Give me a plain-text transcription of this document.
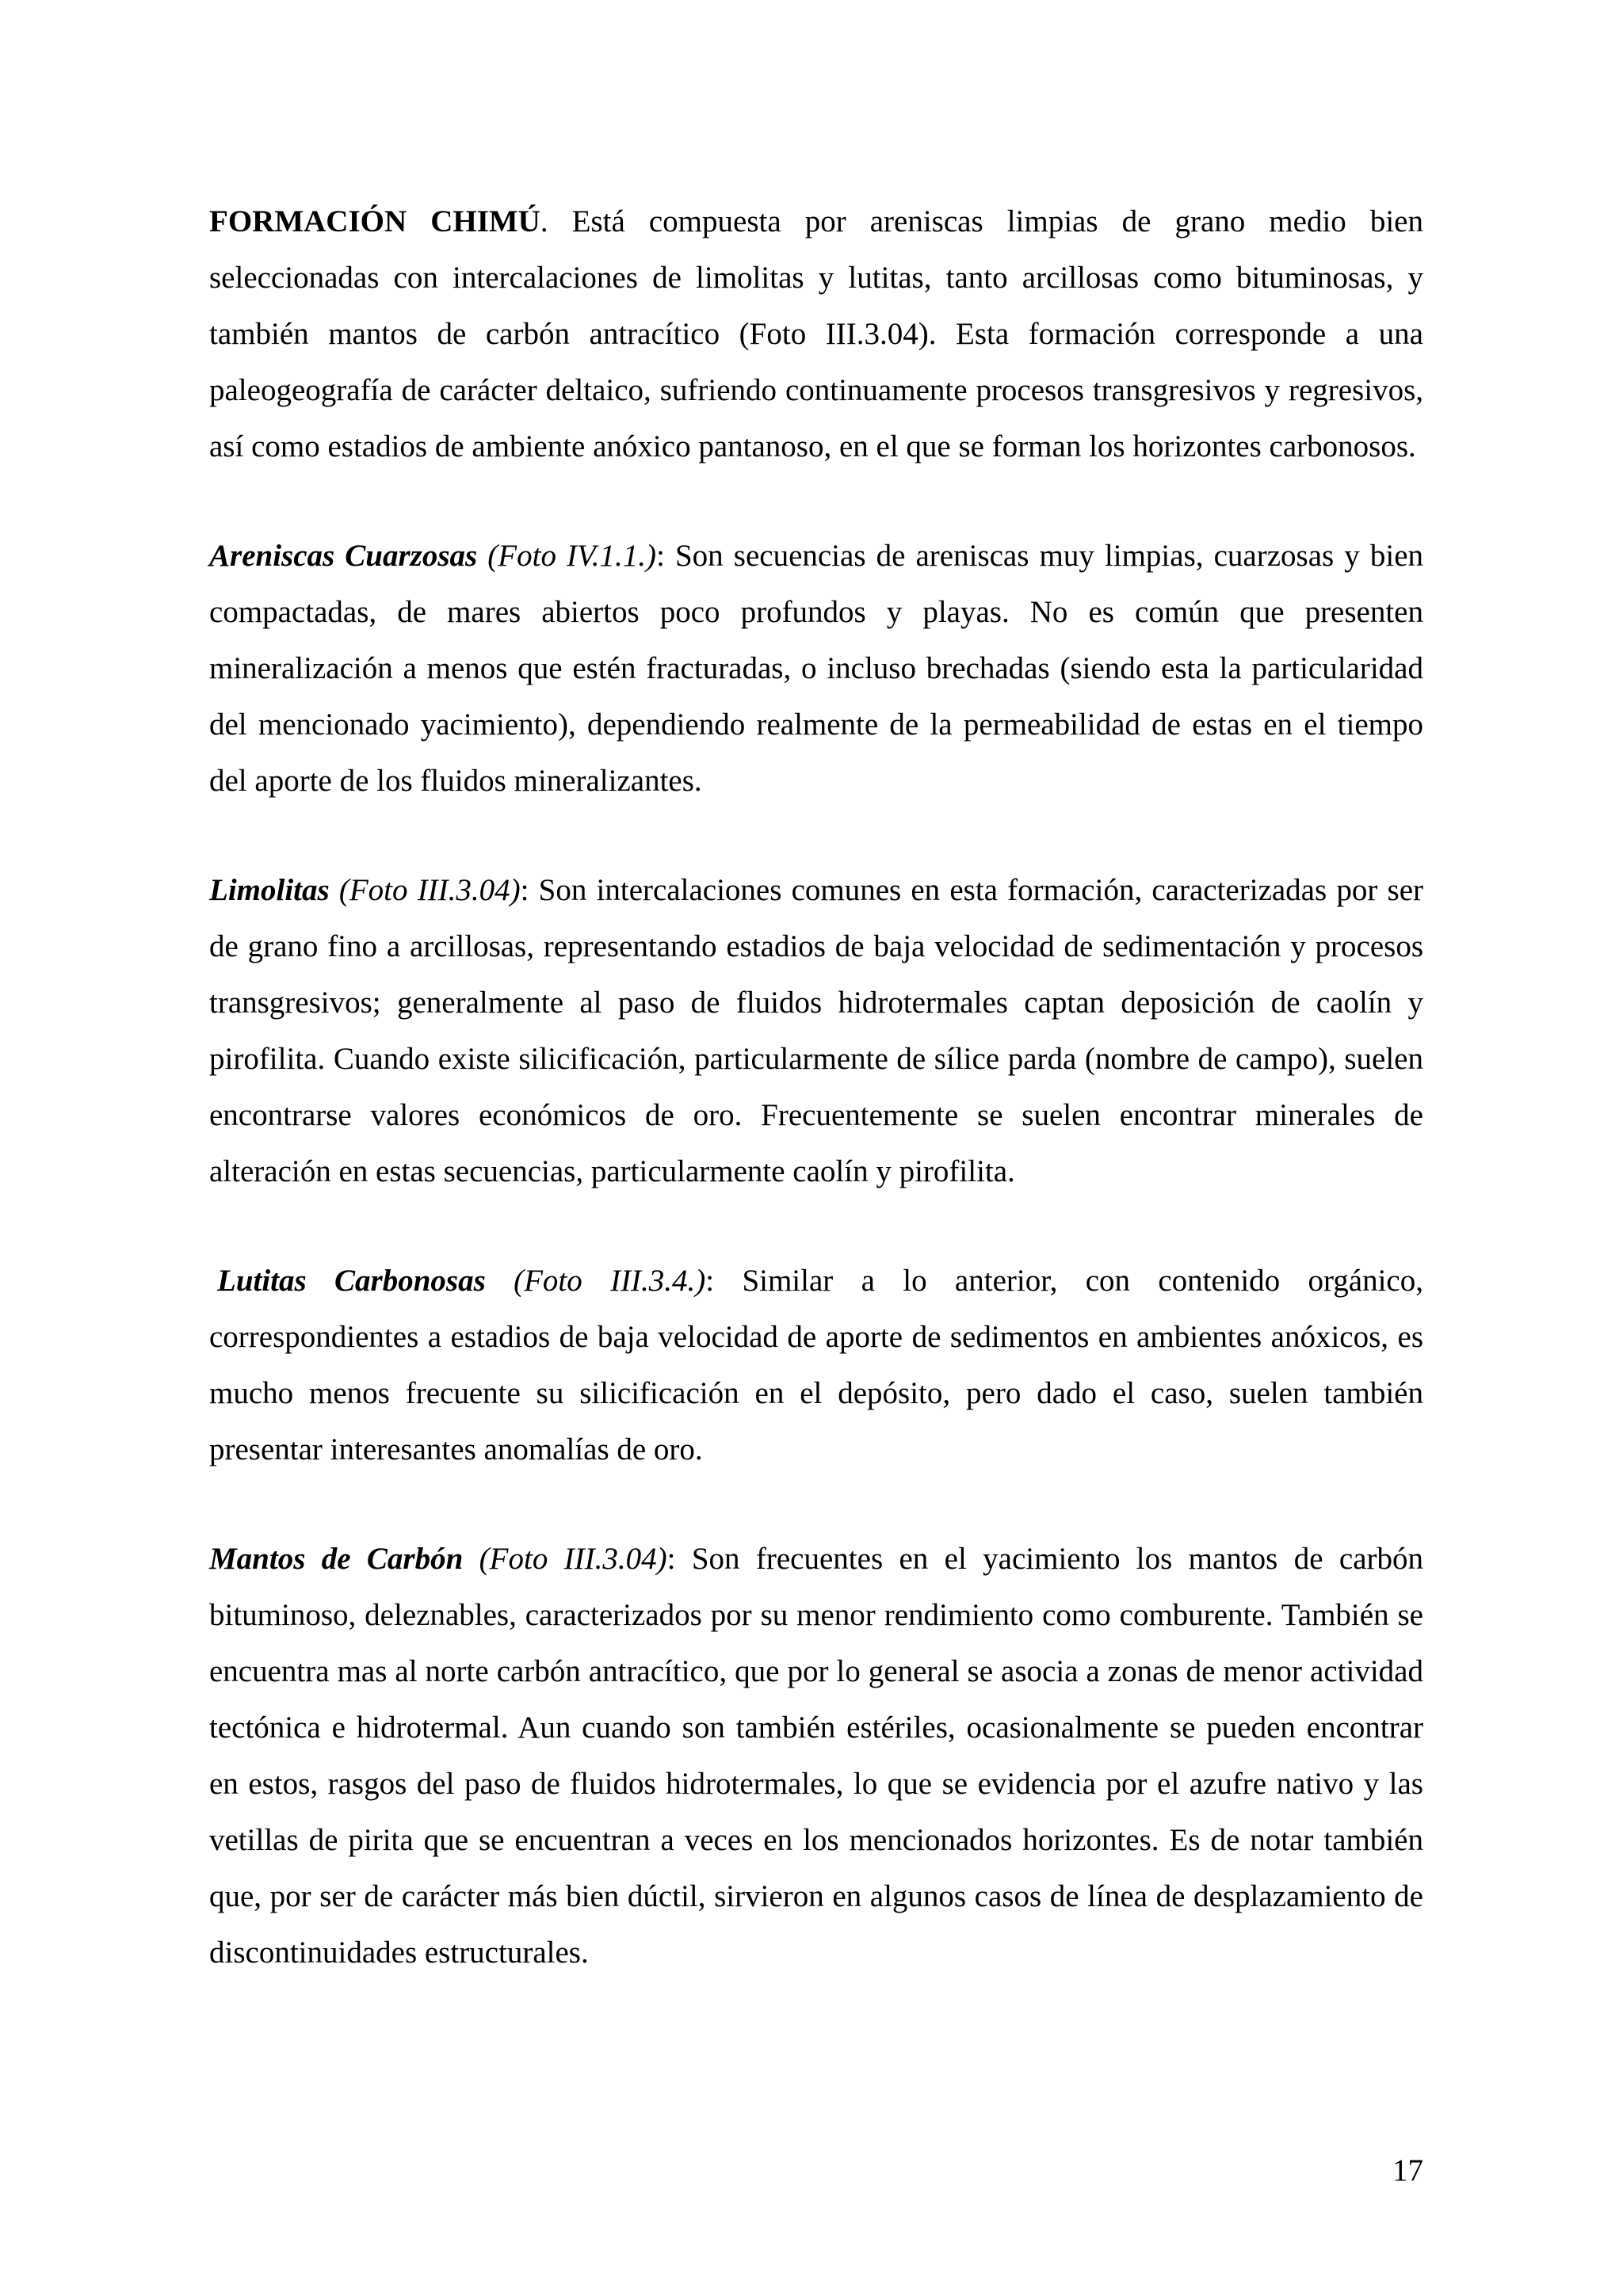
FORMACIÓN CHIMÚ. Está compuesta por areniscas limpias de grano medio bien seleccionadas con intercalaciones de limolitas y lutitas, tanto arcillosas como bituminosas, y también mantos de carbón antracítico (Foto III.3.04). Esta formación corresponde a una paleogeografía de carácter deltaico, sufriendo continuamente procesos transgresivos y regresivos, así como estadios de ambiente anóxico pantanoso, en el que se forman los horizontes carbonosos.

Areniscas Cuarzosas (Foto IV.1.1.): Son secuencias de areniscas muy limpias, cuarzosas y bien compactadas, de mares abiertos poco profundos y playas. No es común que presenten mineralización a menos que estén fracturadas, o incluso brechadas (siendo esta la particularidad del mencionado yacimiento), dependiendo realmente de la permeabilidad de estas en el tiempo del aporte de los fluidos mineralizantes.

Limolitas (Foto III.3.04): Son intercalaciones comunes en esta formación, caracterizadas por ser de grano fino a arcillosas, representando estadios de baja velocidad de sedimentación y procesos transgresivos; generalmente al paso de fluidos hidrotermales captan deposición de caolín y pirofilita. Cuando existe silicificación, particularmente de sílice parda (nombre de campo), suelen encontrarse valores económicos de oro. Frecuentemente se suelen encontrar minerales de alteración en estas secuencias, particularmente caolín y pirofilita.

Lutitas Carbonosas (Foto III.3.4.): Similar a lo anterior, con contenido orgánico, correspondientes a estadios de baja velocidad de aporte de sedimentos en ambientes anóxicos, es mucho menos frecuente su silicificación en el depósito, pero dado el caso, suelen también presentar interesantes anomalías de oro.

Mantos de Carbón (Foto III.3.04): Son frecuentes en el yacimiento los mantos de carbón bituminoso, deleznables, caracterizados por su menor rendimiento como comburente. También se encuentra mas al norte carbón antracítico, que por lo general se asocia a zonas de menor actividad tectónica e hidrotermal. Aun cuando son también estériles, ocasionalmente se pueden encontrar en estos, rasgos del paso de fluidos hidrotermales, lo que se evidencia por el azufre nativo y las vetillas de pirita que se encuentran a veces en los mencionados horizontes. Es de notar también que, por ser de carácter más bien dúctil, sirvieron en algunos casos de línea de desplazamiento de discontinuidades estructurales.

17
